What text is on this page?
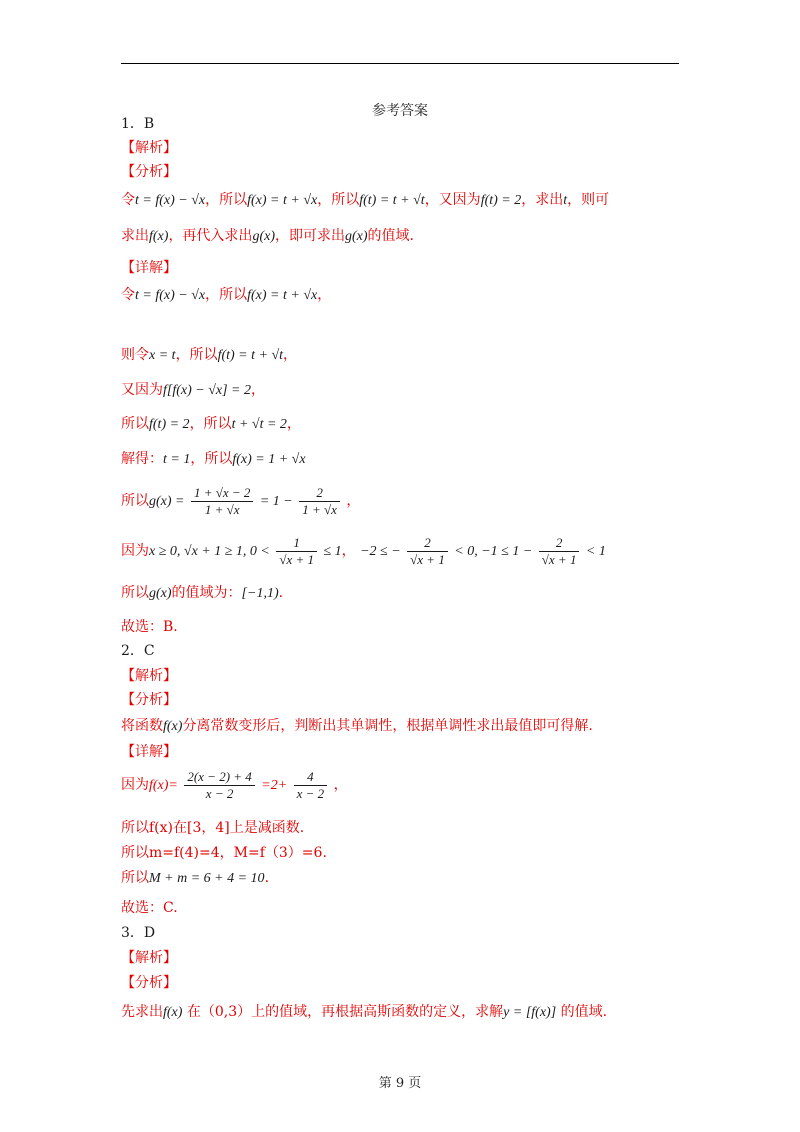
参考答案
1．B
【解析】
【分析】
令t = f(x) − √x，所以f(x) = t + √x，所以f(t) = t + √t，又因为f(t) = 2，求出t，则可
求出f(x)，再代入求出g(x)，即可求出g(x)的值域.
【详解】
令t = f(x) − √x，所以f(x) = t + √x，
则令x = t，所以f(t) = t + √t，
又因为f[f(x) − √x] = 2，
所以f(t) = 2，所以t + √t = 2，
解得：t = 1，所以f(x) = 1 + √x
所以$g(x) = \frac{1 + √x - 2}{1 + √x} = 1 - \frac{2}{1 + √x}$ ，
因为x ≥ 0, √x + 1 ≥ 1, $0 < \frac{1}{√x + 1} \le 1$， −2 ≤ − $\frac{2}{√x + 1} < 0$, $-1 \le 1 - \frac{2}{√x + 1} < 1$
所以g(x)的值域为：[−1,1).
故选：B.
2．C
【解析】
【分析】
将函数f(x)分离常数变形后，判断出其单调性，根据单调性求出最值即可得解.
【详解】
因为$f(x)= \frac{2(x - 2) + 4}{x - 2} =2+ \frac{4}{x - 2}$ ，
所以f(x)在[3，4]上是减函数.
所以m=f(4)=4，M=f（3）=6.
所以M + m = 6 + 4 = 10.
故选：C.
3．D
【解析】
【分析】
先求出f(x) 在（0,3）上的值域，再根据高斯函数的定义，求解y = [f(x)] 的值域.
第 9 页
